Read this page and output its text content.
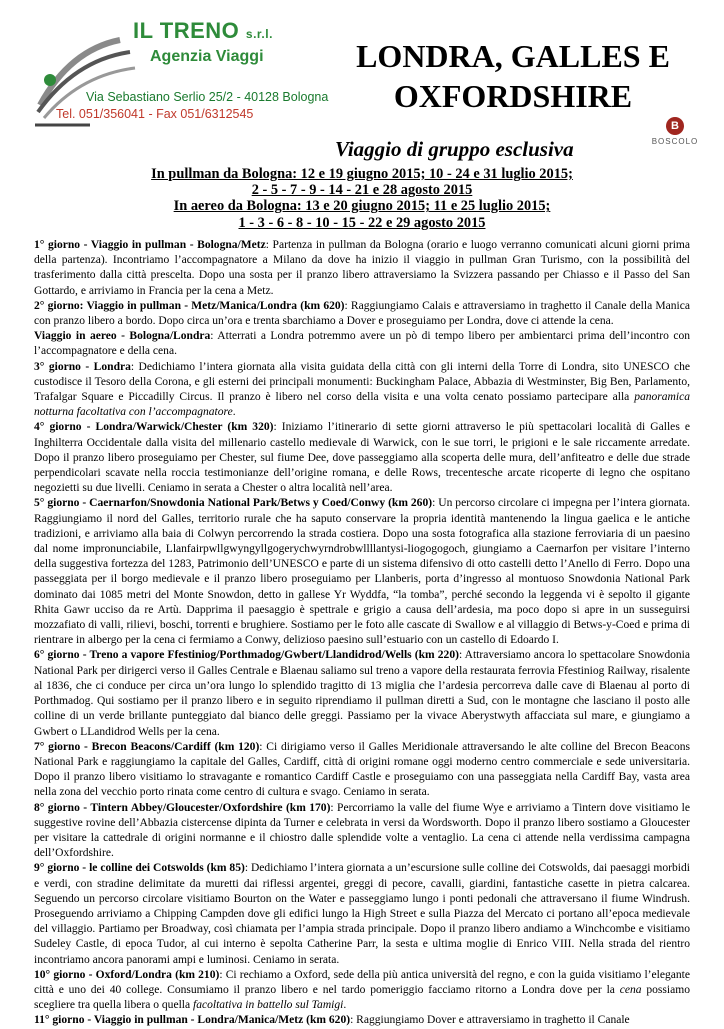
IL TRENO s.r.l.
Agenzia Viaggi
Via Sebastiano Serlio 25/2 - 40128 Bologna
Tel. 051/356041 - Fax 051/6312545
LONDRA, GALLES E
OXFORDSHIRE
Viaggio di gruppo esclusiva
B
BOSCOLO
In pullman da Bologna: 12 e 19 giugno 2015; 10 - 24 e 31 luglio 2015;
2 - 5 - 7 - 9 - 14 - 21 e 28 agosto 2015
In aereo da Bologna: 13 e 20 giugno 2015; 11 e 25 luglio 2015;
1 - 3 - 6 - 8 - 10 - 15 - 22 e 29 agosto 2015

1° giorno - Viaggio in pullman - Bologna/Metz: Partenza in pullman da Bologna (orario e luogo verranno comunicati alcuni giorni prima della partenza). Incontriamo l’accompagnatore a Milano da dove ha inizio il viaggio in pullman Gran Turismo, con la possibilità del trasferimento dalla città prescelta. Dopo una sosta per il pranzo libero attraversiamo la Svizzera passando per Chiasso e il Passo del San Gottardo, e arriviamo in Francia per la cena a Metz.

2° giorno: Viaggio in pullman - Metz/Manica/Londra (km 620): Raggiungiamo Calais e attraversiamo in traghetto il Canale della Manica con pranzo libero a bordo. Dopo circa un’ora e trenta sbarchiamo a Dover e proseguiamo per Londra, dove ci attende la cena.

Viaggio in aereo - Bologna/Londra: Atterrati a Londra potremmo avere un pò di tempo libero per ambientarci prima dell’incontro con l’accompagnatore e della cena.

3° giorno - Londra: Dedichiamo l’intera giornata alla visita guidata della città con gli interni della Torre di Londra, sito UNESCO che custodisce il Tesoro della Corona, e gli esterni dei principali monumenti: Buckingham Palace, Abbazia di Westminster, Big Ben, Parlamento, Trafalgar Square e Piccadilly Circus. Il pranzo è libero nel corso della visita e una volta cenato possiamo partecipare alla panoramica notturna facoltativa con l’accompagnatore.

4° giorno - Londra/Warwick/Chester (km 320): Iniziamo l’itinerario di sette giorni attraverso le più spettacolari località di Galles e Inghilterra Occidentale dalla visita del millenario castello medievale di Warwick, con le sue torri, le prigioni e le sale riccamente arredate. Dopo il pranzo libero proseguiamo per Chester, sul fiume Dee, dove passeggiamo alla scoperta delle mura, dell’anfiteatro e delle due strade perpendicolari scavate nella roccia testimonianze dell’origine romana, e delle Rows, trecentesche arcate ricoperte di legno che ospitano negozietti su due livelli. Ceniamo in serata a Chester o altra località nell’area.

5° giorno - Caernarfon/Snowdonia National Park/Betws y Coed/Conwy (km 260): Un percorso circolare ci impegna per l’intera giornata. Raggiungiamo il nord del Galles, territorio rurale che ha saputo conservare la propria identità mantenendo la lingua gaelica e le antiche tradizioni, e arriviamo alla baia di Colwyn percorrendo la strada costiera. Dopo una sosta fotografica alla stazione ferroviaria di un paesino dal nome impronunciabile, Llanfairpwllgwyngyllgogerychwyrndrobwllllantysi-liogogogoch, giungiamo a Caernarfon per visitare l’interno della suggestiva fortezza del 1283, Patrimonio dell’UNESCO e parte di un sistema difensivo di otto castelli detto l’Anello di Ferro. Dopo una passeggiata per il borgo medievale e il pranzo libero proseguiamo per Llanberis, porta d’ingresso al montuoso Snowdonia National Park dominato dai 1085 metri del Monte Snowdon, detto in gallese Yr Wyddfa, “la tomba”, perché secondo la leggenda vi è sepolto il gigante Rhita Gawr ucciso da re Artù. Dapprima il paesaggio è spettrale e grigio a causa dell’ardesia, ma poco dopo si apre in un susseguirsi mozzafiato di valli, rilievi, boschi, torrenti e brughiere. Sostiamo per le foto alle cascate di Swallow e al villaggio di Betws-y-Coed e prima di rientrare in albergo per la cena ci fermiamo a Conwy, delizioso paesino sull’estuario con un castello di Edoardo I.

6° giorno - Treno a vapore Ffestiniog/Porthmadog/Gwbert/Llandidrod/Wells (km 220): Attraversiamo ancora lo spettacolare Snowdonia National Park per dirigerci verso il Galles Centrale e Blaenau saliamo sul treno a vapore della restaurata ferrovia Ffestiniog Railway, risalente al 1836, che ci conduce per circa un’ora lungo lo splendido tragitto di 13 miglia che l’ardesia percorreva dalle cave di Blaenau al porto di Porthmadog. Qui sostiamo per il pranzo libero e in seguito riprendiamo il pullman diretti a Sud, con le montagne che lasciano il posto alle colline di un verde brillante punteggiato dal bianco delle greggi. Passiamo per la vivace Aberystwyth affacciata sul mare, e giungiamo a Gwbert o LLandidrod Wells per la cena.

7° giorno - Brecon Beacons/Cardiff (km 120): Ci dirigiamo verso il Galles Meridionale attraversando le alte colline del Brecon Beacons National Park e raggiungiamo la capitale del Galles, Cardiff, città di origini romane oggi moderno centro commerciale e sede universitaria. Dopo il pranzo libero visitiamo lo stravagante e romantico Cardiff Castle e proseguiamo con una passeggiata nella Cardiff Bay, vasta area nella zona del vecchio porto rinata come centro di cultura e svago. Ceniamo in serata.

8° giorno - Tintern Abbey/Gloucester/Oxfordshire (km 170): Percorriamo la valle del fiume Wye e arriviamo a Tintern dove visitiamo le suggestive rovine dell’Abbazia cistercense dipinta da Turner e celebrata in versi da Wordsworth. Dopo il pranzo libero sostiamo a Gloucester per visitare la cattedrale di origini normanne e il chiostro dalle splendide volte a ventaglio. La cena ci attende nella verdissima campagna dell’Oxfordshire.

9° giorno - le colline dei Cotswolds (km 85): Dedichiamo l’intera giornata a un’escursione sulle colline dei Cotswolds, dai paesaggi morbidi e verdi, con stradine delimitate da muretti dai riflessi argentei, greggi di pecore, cavalli, giardini, fantastiche casette in pietra calcarea. Seguendo un percorso circolare visitiamo Bourton on the Water e passeggiamo lungo i ponti pedonali che attraversano il fiume Windrush. Proseguendo arriviamo a Chipping Campden dove gli edifici lungo la High Street e sulla Piazza del Mercato ci portano all’epoca medievale del villaggio. Partiamo per Broadway, così chiamata per l’ampia strada principale. Dopo il pranzo libero andiamo a Winchcombe e visitiamo Sudeley Castle, di epoca Tudor, al cui interno è sepolta Catherine Parr, la sesta e ultima moglie di Enrico VIII. Nella strada del rientro incontriamo ancora panorami ampi e luminosi. Ceniamo in serata.

10° giorno - Oxford/Londra (km 210): Ci rechiamo a Oxford, sede della più antica università del regno, e con la guida visitiamo l’elegante città e uno dei 40 college. Consumiamo il pranzo libero e nel tardo pomeriggio facciamo ritorno a Londra dove per la cena possiamo scegliere tra quella libera o quella facoltativa in battello sul Tamigi.

11° giorno - Viaggio in pullman - Londra/Manica/Metz (km 620): Raggiungiamo Dover e attraversiamo in traghetto il Canale
